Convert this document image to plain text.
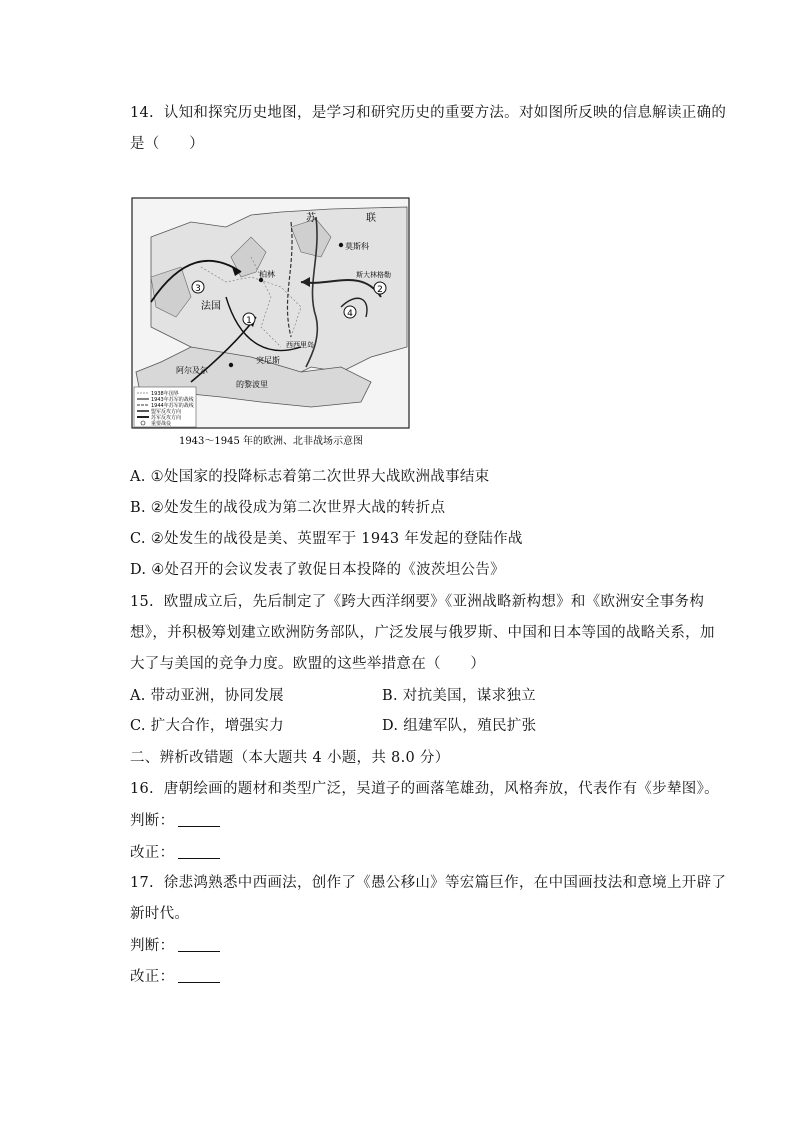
14.  认知和探究历史地图，是学习和研究历史的重要方法。对如图所反映的信息解读正确的
是（　　）
1
2
3
4
苏	联
莫斯科
斯大林格勒
法国
柏林
突尼斯
阿尔及尔
的黎波里
西西里岛
1938年国界
1943年苏军的战线
1944年苏军的战线
盟军反攻方向
苏军反攻方向
重要战役
1943～1945 年的欧洲、北非战场示意图
A. ①处国家的投降标志着第二次世界大战欧洲战事结束
B. ②处发生的战役成为第二次世界大战的转折点
C. ②处发生的战役是美、英盟军于 1943 年发起的登陆作战
D. ④处召开的会议发表了敦促日本投降的《波茨坦公告》
15.  欧盟成立后，先后制定了《跨大西洋纲要》《亚洲战略新构想》和《欧洲安全事务构
想》，并积极筹划建立欧洲防务部队，广泛发展与俄罗斯、中国和日本等国的战略关系，加
大了与美国的竞争力度。欧盟的这些举措意在（　　）
A. 带动亚洲，协同发展	B. 对抗美国，谋求独立
C. 扩大合作，增强实力	D. 组建军队，殖民扩张
二、辨析改错题（本大题共 4 小题，共 8.0 分）
16.  唐朝绘画的题材和类型广泛，吴道子的画落笔雄劲，风格奔放，代表作有《步辇图》。
判断：
改正：
17.  徐悲鸿熟悉中西画法，创作了《愚公移山》等宏篇巨作，在中国画技法和意境上开辟了
新时代。
判断：
改正：
